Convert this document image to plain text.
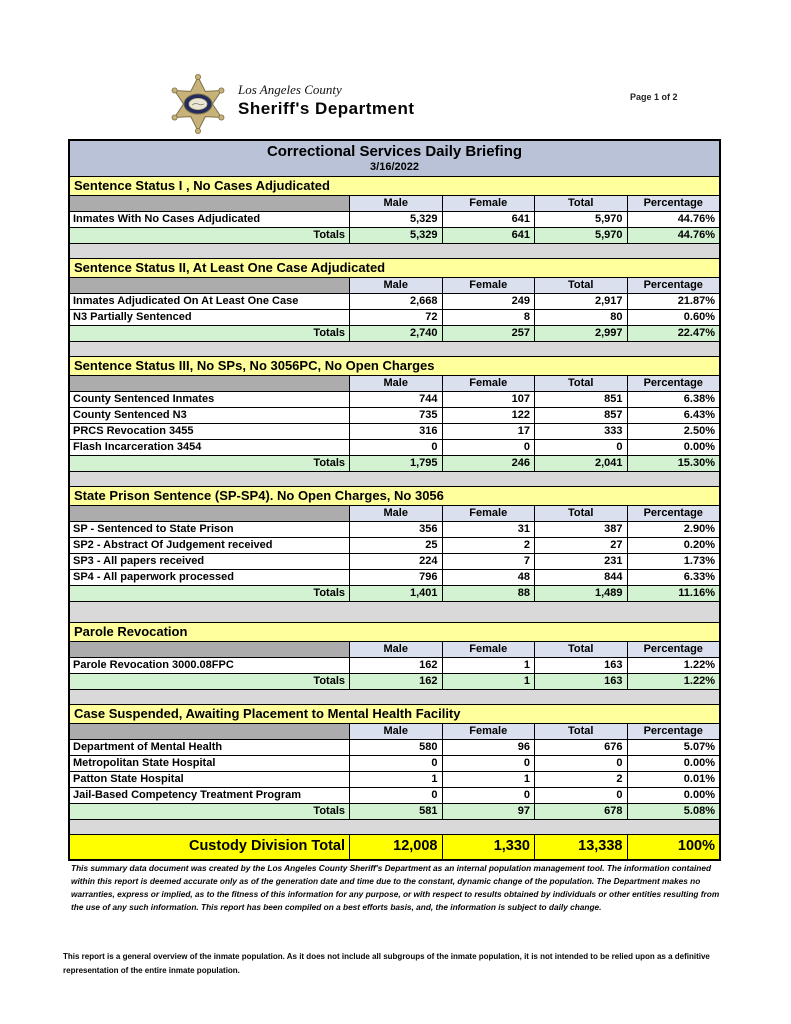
Los Angeles County
Sheriff's Department
Page 1 of 2
Correctional Services Daily Briefing
3/16/2022
Sentence Status I , No Cases Adjudicated
Male	Female	Total	Percentage
Inmates With No Cases Adjudicated	5,329	641	5,970	44.76%
Totals	5,329	641	5,970	44.76%
Sentence Status II, At Least One Case Adjudicated
Male	Female	Total	Percentage
Inmates Adjudicated On At Least One Case	2,668	249	2,917	21.87%
N3 Partially Sentenced	72	8	80	0.60%
Totals	2,740	257	2,997	22.47%
Sentence Status III, No SPs, No 3056PC, No Open Charges
Male	Female	Total	Percentage
County Sentenced Inmates	744	107	851	6.38%
County Sentenced N3	735	122	857	6.43%
PRCS Revocation 3455	316	17	333	2.50%
Flash Incarceration 3454	0	0	0	0.00%
Totals	1,795	246	2,041	15.30%
State Prison Sentence (SP-SP4). No Open Charges, No 3056
Male	Female	Total	Percentage
SP - Sentenced to State Prison	356	31	387	2.90%
SP2 - Abstract Of Judgement received	25	2	27	0.20%
SP3 - All papers received	224	7	231	1.73%
SP4 - All paperwork processed	796	48	844	6.33%
Totals	1,401	88	1,489	11.16%
Parole Revocation
Male	Female	Total	Percentage
Parole Revocation 3000.08FPC	162	1	163	1.22%
Totals	162	1	163	1.22%
Case Suspended, Awaiting Placement to Mental Health Facility
Male	Female	Total	Percentage
Department of Mental Health	580	96	676	5.07%
Metropolitan State Hospital	0	0	0	0.00%
Patton State Hospital	1	1	2	0.01%
Jail-Based Competency Treatment Program	0	0	0	0.00%
Totals	581	97	678	5.08%
Custody Division Total	12,008	1,330	13,338	100%
This summary data document was created by the Los Angeles County Sheriff's Department as an internal population management tool. The information contained within this report is deemed accurate only as of the generation date and time due to the constant, dynamic change of the population. The Department makes no warranties, express or implied, as to the fitness of this information for any purpose, or with respect to results obtained by individuals or other entities resulting from the use of any such information. This report has been compiled on a best efforts basis, and, the information is subject to daily change.
This report is a general overview of the inmate population. As it does not include all subgroups of the inmate population, it is not intended to be relied upon as a definitive representation of the entire inmate population.
